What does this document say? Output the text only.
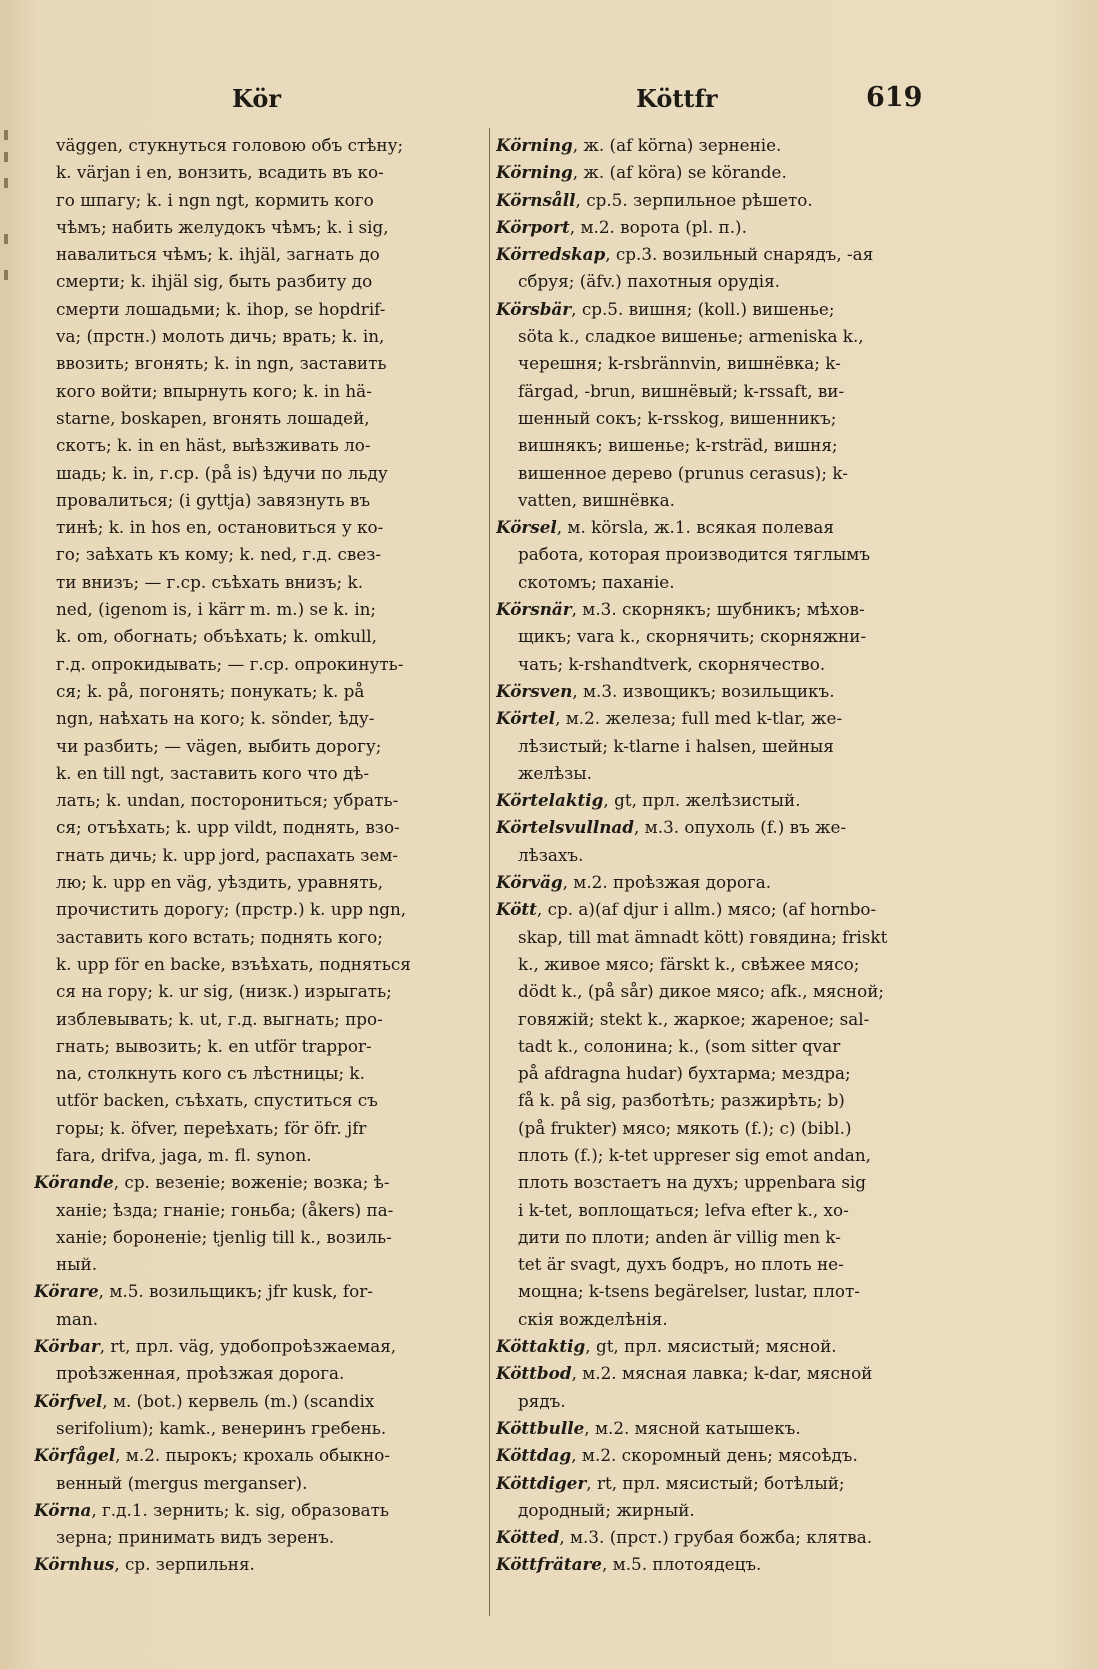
Kör	Köttfr	619
väggen, стукнуться головою объ стѣну;
k. värjan i en, вонзить, всадить въ ко-
го шпагу; k. i ngn ngt, кормить кого
чѣмъ; набить желудокъ чѣмъ; k. i sig,
навалиться чѣмъ; k. ihjäl, загнать до
смерти; k. ihjäl sig, быть разбиту до
смерти лошадьми; k. ihop, se hopdrif-
va; (прстн.) молоть дичь; врать; k. in,
ввозить; вгонять; k. in ngn, заставить
кого войти; впырнуть кого; k. in hä-
starne, boskapen, вгонять лошадей,
скотъ; k. in en häst, выѣзживать ло-
шадь; k. in, г.ср. (på is) ѣдучи по льду
провалиться; (i gyttja) завязнуть въ
тинѣ; k. in hos en, остановиться у ко-
го; заѣхать къ кому; k. ned, г.д. свез-
ти внизъ; — г.ср. съѣхать внизъ; k.
ned, (igenom is, i kärr m. m.) se k. in;
k. om, обогнать; объѣхать; k. omkull,
г.д. опрокидывать; — г.ср. опрокинуть-
ся; k. på, погонять; понукать; k. på
ngn, наѣхать на кого; k. sönder, ѣду-
чи разбить; — vägen, выбить дорогу;
k. en till ngt, заставить кого что дѣ-
лать; k. undan, посторониться; убрать-
ся; отъѣхать; k. upp vildt, поднять, взо-
гнать дичь; k. upp jord, распахать зем-
лю; k. upp en väg, уѣздить, уравнять,
прочистить дорогу; (прстр.) k. upp ngn,
заставить кого встать; поднять кого;
k. upp för en backe, взъѣхать, подняться
ся на гору; k. ur sig, (низк.) изрыгать;
изблевывать; k. ut, г.д. выгнать; про-
гнать; вывозить; k. en utför trappor-
na, столкнуть кого съ лѣстницы; k.
utför backen, съѣхать, спуститься съ
горы; k. öfver, переѣхать; för öfr. jfr
fara, drifva, jaga, m. fl. synon.
Körande, ср. везеніе; воженіе; возка; ѣ-
ханіе; ѣзда; гнаніе; гоньба; (åkers) па-
ханіе; бороненіе; tjenlig till k., возиль-
ный.
Körare, м.5. возильщикъ; jfr kusk, for-
man.
Körbar, rt, прл. väg, удобопроѣзжаемая,
проѣзженная, проѣзжая дорога.
Körfvel, м. (bot.) кервель (m.) (scandix
serifolium); kamk., венеринъ гребень.
Körfågel, м.2. пырокъ; крохаль обыкно-
венный (mergus merganser).
Körna, г.д.1. зернить; k. sig, образовать
зерна; принимать видъ зеренъ.
Körnhus, ср. зерпильня.
Körning, ж. (af körna) зерненіе.
Körning, ж. (af köra) se körande.
Körnsåll, ср.5. зерпильное рѣшето.
Körport, м.2. ворота (pl. п.).
Körredskap, ср.3. возильный снарядъ, -ая
сбруя; (äfv.) пахотныя орудія.
Körsbär, ср.5. вишня; (koll.) вишенье;
söta k., сладкое вишенье; armeniska k.,
черешня; k-rsbrännvin, вишнёвка; k-
färgad, -brun, вишнёвый; k-rssaft, ви-
шенный сокъ; k-rsskog, вишенникъ;
вишнякъ; вишенье; k-rsträd, вишня;
вишенное дерево (prunus cerasus); k-
vatten, вишнёвка.
Körsel, м. körsla, ж.1. всякая полевая
работа, которая производится тяглымъ
скотомъ; паханіе.
Körsnär, м.3. скорнякъ; шубникъ; мѣхов-
щикъ; vara k., скорнячить; скорняжни-
чать; k-rshandtverk, скорнячество.
Körsven, м.3. извощикъ; возильщикъ.
Körtel, м.2. железа; full med k-tlar, же-
лѣзистый; k-tlarne i halsen, шейныя
желѣзы.
Körtelaktig, gt, прл. желѣзистый.
Körtelsvullnad, м.3. опухоль (f.) въ же-
лѣзахъ.
Körväg, м.2. проѣзжая дорога.
Kött, ср. a)(af djur i allm.) мясо; (af hornbo-
skap, till mat ämnadt kött) говядина; friskt
k., живое мясо; färskt k., свѣжее мясо;
dödt k., (på sår) дикое мясо; afk., мясной;
говяжій; stekt k., жаркое; жареное; sal-
tadt k., солонина; k., (som sitter qvar
på afdragna hudar) бухтарма; мездра;
få k. på sig, разботѣть; разжирѣть; b)
(på frukter) мясо; мякоть (f.); c) (bibl.)
плоть (f.); k-tet uppreser sig emot andan,
плоть возстаетъ на духъ; uppenbara sig
i k-tet, воплощаться; lefva efter k., хо-
дити по плоти; anden är villig men k-
tet är svagt, духъ бодръ, но плоть не-
мощна; k-tsens begärelser, lustar, плот-
скія вожделѣнія.
Köttaktig, gt, прл. мясистый; мясной.
Köttbod, м.2. мясная лавка; k-dar, мясной
рядъ.
Köttbulle, м.2. мясной катышекъ.
Köttdag, м.2. скоромный день; мясоѣдъ.
Köttdiger, rt, прл. мясистый; ботѣлый;
дородный; жирный.
Kötted, м.3. (прст.) грубая божба; клятва.
Köttfrätare, м.5. плотоядецъ.
